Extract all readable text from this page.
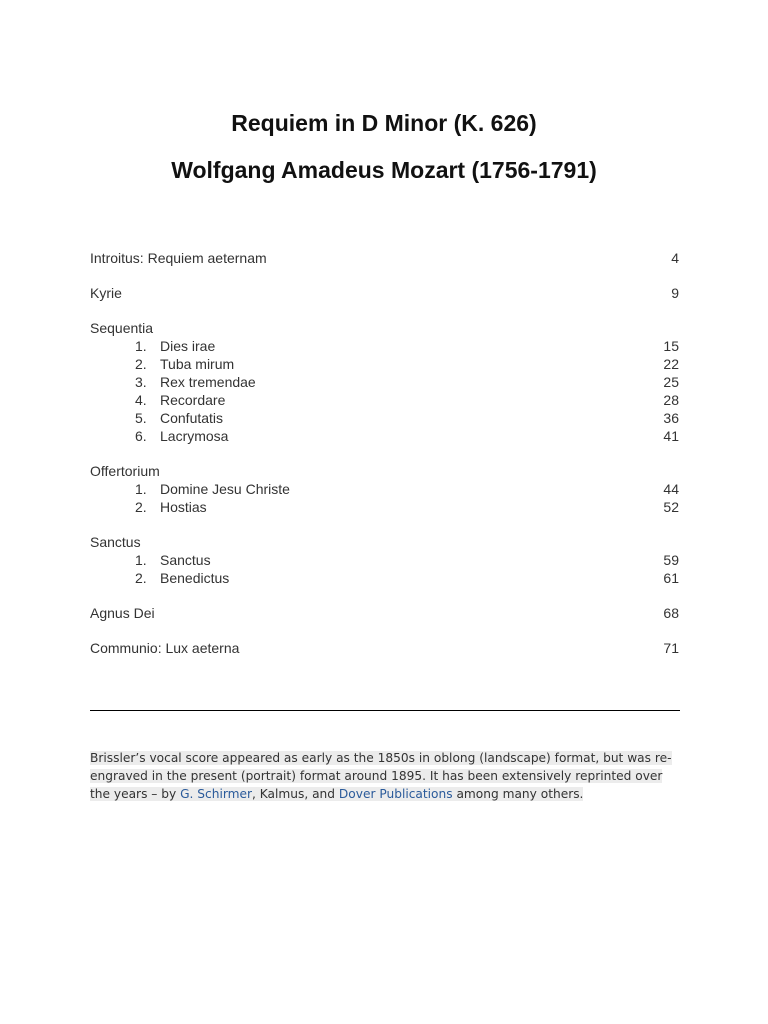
Requiem in D Minor (K. 626)
Wolfgang Amadeus Mozart (1756-1791)
Introitus: Requiem aeternam	4
Kyrie	9
Sequentia
1. Dies irae	15
2. Tuba mirum	22
3. Rex tremendae	25
4. Recordare	28
5. Confutatis	36
6. Lacrymosa	41
Offertorium
1. Domine Jesu Christe	44
2. Hostias	52
Sanctus
1. Sanctus	59
2. Benedictus	61
Agnus Dei	68
Communio: Lux aeterna	71

Brissler’s vocal score appeared as early as the 1850s in oblong (landscape) format, but was re-engraved in the present (portrait) format around 1895. It has been extensively reprinted over the years – by G. Schirmer, Kalmus, and Dover Publications among many others.
